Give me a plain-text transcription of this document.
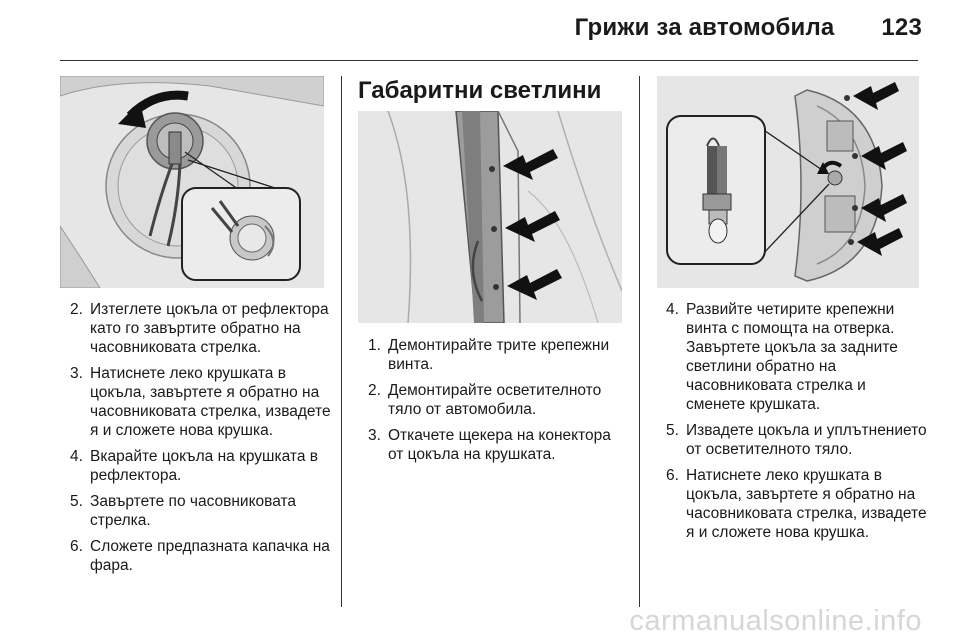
Грижи за автомобила 123
2. Изтеглете цокъла от рефлектора като го завъртите обратно на часовниковата стрелка.
3. Натиснете леко крушката в цокъла, завъртете я обратно на часовниковата стрелка, извадете я и сложете нова крушка.
4. Вкарайте цокъла на крушката в рефлектора.
5. Завъртете по часовниковата стрелка.
6. Сложете предпазната капачка на фара.
Габаритни светлини
1. Демонтирайте трите крепежни винта.
2. Демонтирайте осветителното тяло от автомобила.
3. Откачете щекера на конектора от цокъла на крушката.
4. Развийте четирите крепежни винта с помощта на отверка. Завъртете цокъла за задните светлини обратно на часовниковата стрелка и сменете крушката.
5. Извадете цокъла и уплътнението от осветителното тяло.
6. Натиснете леко крушката в цокъла, завъртете я обратно на часовниковата стрелка, извадете я и сложете нова крушка.
carmanualsonline.info
